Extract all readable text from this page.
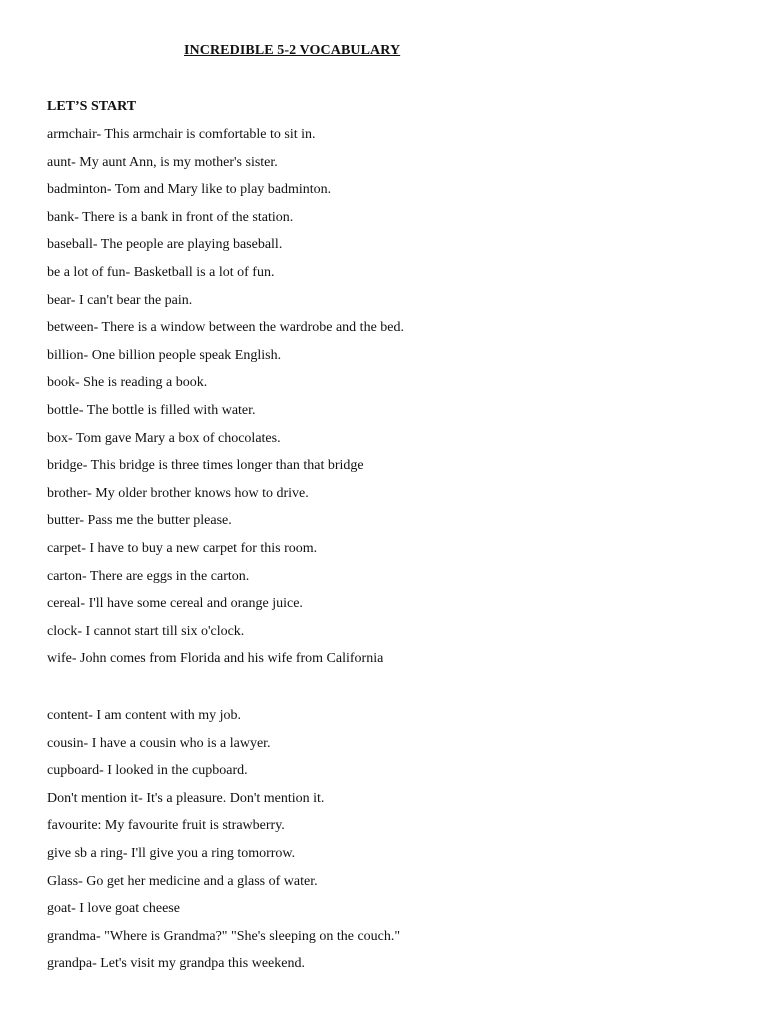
INCREDIBLE 5-2 VOCABULARY
LET’S START
armchair- This armchair is comfortable to sit in.
aunt- My aunt Ann, is my mother's sister.
badminton- Tom and Mary like to play badminton.
bank- There is a bank in front of the station.
baseball- The people are playing baseball.
be a lot of fun- Basketball is a lot of fun.
bear- I can't bear the pain.
between- There is a window between the wardrobe and the bed.
billion- One billion people speak English.
book- She is reading a book.
bottle- The bottle is filled with water.
box- Tom gave Mary a box of chocolates.
bridge- This bridge is three times longer than that bridge
brother- My older brother knows how to drive.
butter- Pass me the butter please.
carpet- I have to buy a new carpet for this room.
carton- There are eggs in the carton.
cereal- I'll have some cereal and orange juice.
clock- I cannot start till six o'clock.
wife- John comes from Florida and his wife from California
content- I am content with my job.
cousin- I have a cousin who is a lawyer.
cupboard- I looked in the cupboard.
Don't mention it- It's a pleasure. Don't mention it.
favourite: My favourite fruit is strawberry.
give sb a ring- I'll give you a ring tomorrow.
Glass- Go get her medicine and a glass of water.
goat- I love goat cheese
grandma- "Where is Grandma?" "She's sleeping on the couch."
grandpa- Let's visit my grandpa this weekend.
